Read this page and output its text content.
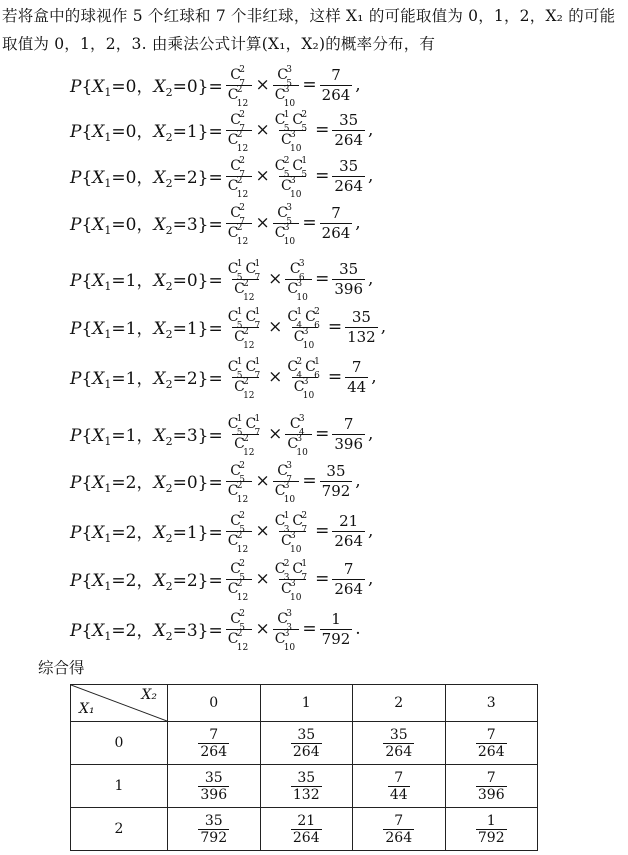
若将盒中的球视作 5 个红球和 7 个非红球，这样 X₁ 的可能取值为 0，1，2，X₂ 的可能
取值为 0，1，2，3. 由乘法公式计算(X₁，X₂)的概率分布，有
$P\{X_1=0$，$X_2=0\}= C$
2
7
C
2
12 × C
3
5
C
3
$10 = \frac{7}{264}$ ,
$P\{X_1=0$，$X_2=1\}= C$
2
7
C
2
12 × C
1
5
C
2
5
C
3
$10 = \frac{35}{264}$ ,
$P\{X_1=0$，$X_2=2\}= C$
2
7
C
2
12 × C
2
5
C
1
5
C
3
$10 = \frac{35}{264}$ ,
$P\{X_1=0$，$X_2=3\}= C$
2
7
C
2
12 × C
3
5
C
3
$10 = \frac{7}{264}$ ,
$P\{X_1=1$，$X_2=0\}= C$
1
5
C
1
7
C
2
12 × C
3
6
C
3
$10 = \frac{35}{396}$ ,
$P\{X_1=1$，$X_2=1\}= C$
1
5
C
1
7
C
2
12 × C
1
4
C
2
6
C
3
$10 = \frac{35}{132}$ ,
$P\{X_1=1$，$X_2=2\}= C$
1
5
C
1
7
C
2
12 × C
2
4
C
1
6
C
3
$10 = \frac{7}{44}$ ,
$P\{X_1=1$，$X_2=3\}= C$
1
5
C
1
7
C
2
12 × C
3
4
C
3
$10 = \frac{7}{396}$ ,
$P\{X_1=2$，$X_2=0\}= C$
2
5
C
2
12 × C
3
7
C
3
$10 = \frac{35}{792}$ ,
$P\{X_1=2$，$X_2=1\}= C$
2
5
C
2
12 × C
1
3
C
2
7
C
3
$10 = \frac{21}{264}$ ,
$P\{X_1=2$，$X_2=2\}= C$
2
5
C
2
12 × C
2
3
C
1
7
C
3
$10 = \frac{7}{264}$ ,
$P\{X_1=2$，$X_2=3\}= C$
2
5
C
2
12 × C
3
3
C
3
$10 = \frac{1}{792}$ .
综合得
X₂
X₁	0	1	2	3
0	$\frac{7}{264}$	$\frac{35}{264}$	$\frac{35}{264}$	$\frac{7}{264}$

1	$\frac{35}{396}$	$\frac{35}{132}$	$\frac{7}{44}$	$\frac{7}{396}$

2	$\frac{35}{792}$	$\frac{21}{264}$	$\frac{7}{264}$	$\frac{1}{792}$
